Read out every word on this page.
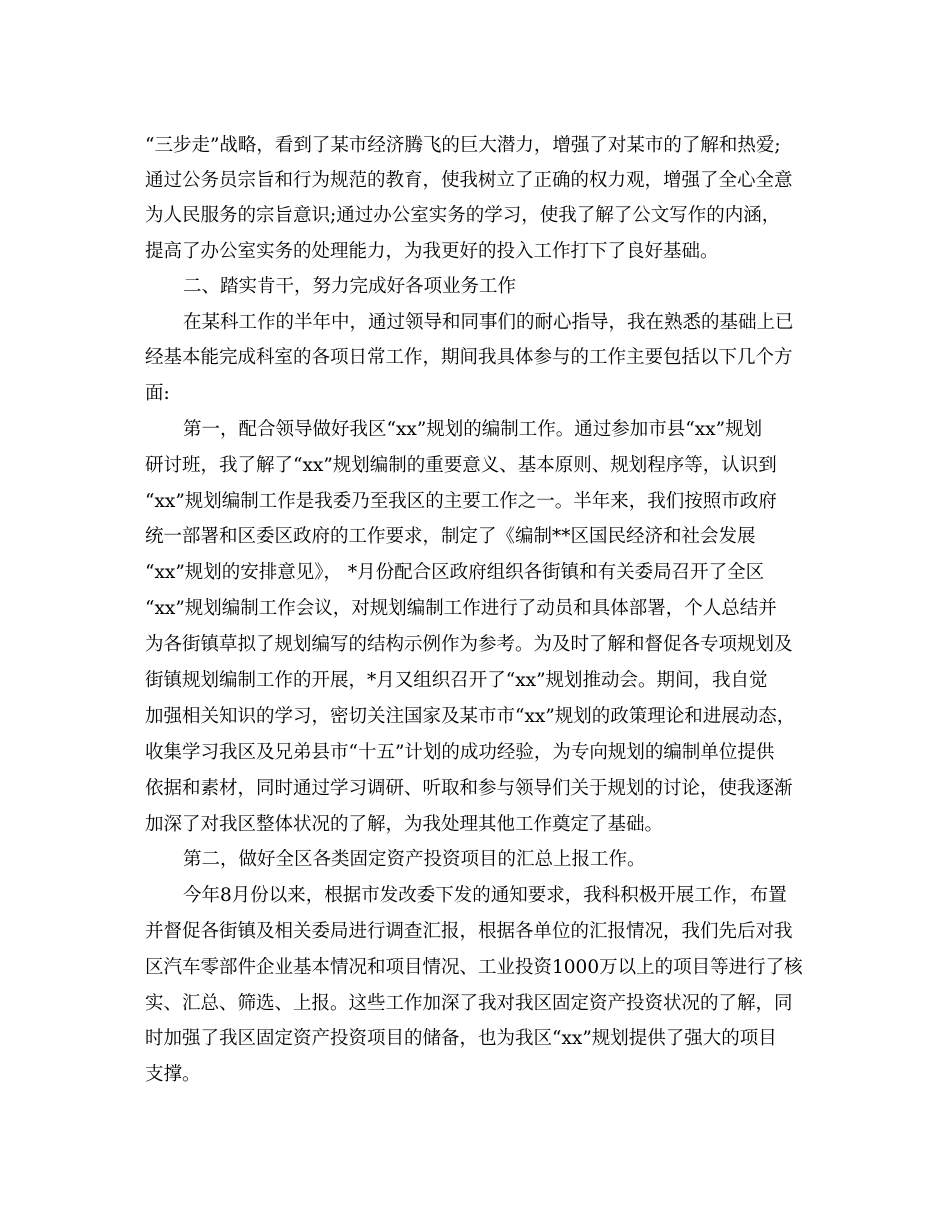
“三步走”战略，看到了某市经济腾飞的巨大潜力，增强了对某市的了解和热爱;
通过公务员宗旨和行为规范的教育，使我树立了正确的权力观，增强了全心全意
为人民服务的宗旨意识;通过办公室实务的学习，使我了解了公文写作的内涵，
提高了办公室实务的处理能力，为我更好的投入工作打下了良好基础。
二、踏实肯干，努力完成好各项业务工作
在某科工作的半年中，通过领导和同事们的耐心指导，我在熟悉的基础上已
经基本能完成科室的各项日常工作，期间我具体参与的工作主要包括以下几个方
面:
第一，配合领导做好我区“xx”规划的编制工作。通过参加市县“xx”规划
研讨班，我了解了“xx”规划编制的重要意义、基本原则、规划程序等，认识到
“xx”规划编制工作是我委乃至我区的主要工作之一。半年来，我们按照市政府
统一部署和区委区政府的工作要求，制定了《编制**区国民经济和社会发展
“xx”规划的安排意见》， *月份配合区政府组织各街镇和有关委局召开了全区
“xx”规划编制工作会议，对规划编制工作进行了动员和具体部署，个人总结并
为各街镇草拟了规划编写的结构示例作为参考。为及时了解和督促各专项规划及
街镇规划编制工作的开展，*月又组织召开了“xx”规划推动会。期间，我自觉
加强相关知识的学习，密切关注国家及某市市“xx”规划的政策理论和进展动态，
收集学习我区及兄弟县市“十五”计划的成功经验，为专向规划的编制单位提供
依据和素材，同时通过学习调研、听取和参与领导们关于规划的讨论，使我逐渐
加深了对我区整体状况的了解，为我处理其他工作奠定了基础。
第二，做好全区各类固定资产投资项目的汇总上报工作。
今年8月份以来，根据市发改委下发的通知要求，我科积极开展工作，布置
并督促各街镇及相关委局进行调查汇报，根据各单位的汇报情况，我们先后对我
区汽车零部件企业基本情况和项目情况、工业投资1000万以上的项目等进行了核
实、汇总、筛选、上报。这些工作加深了我对我区固定资产投资状况的了解，同
时加强了我区固定资产投资项目的储备，也为我区“xx”规划提供了强大的项目
支撑。
